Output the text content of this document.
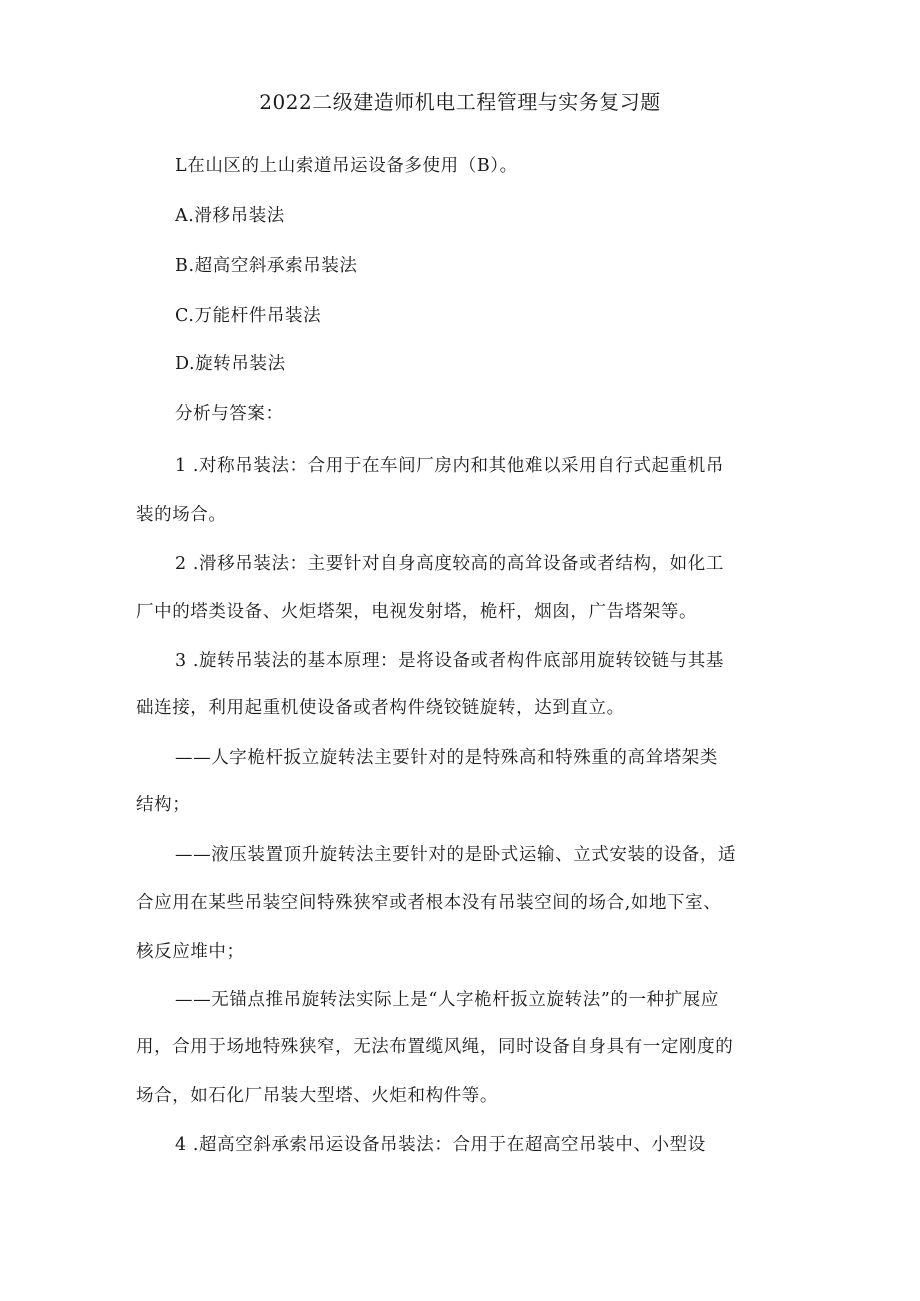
2022二级建造师机电工程管理与实务复习题
L在山区的上山索道吊运设备多使用（B）。
A.滑移吊装法
B.超高空斜承索吊装法
C.万能杆件吊装法
D.旋转吊装法
分析与答案：
1 .对称吊装法：合用于在车间厂房内和其他难以采用自行式起重机吊
装的场合。
2 .滑移吊装法：主要针对自身高度较高的高耸设备或者结构，如化工
厂中的塔类设备、火炬塔架，电视发射塔，桅杆，烟囱，广告塔架等。
3 .旋转吊装法的基本原理：是将设备或者构件底部用旋转铰链与其基
础连接，利用起重机使设备或者构件绕铰链旋转，达到直立。
——人字桅杆扳立旋转法主要针对的是特殊高和特殊重的高耸塔架类
结构；
——液压装置顶升旋转法主要针对的是卧式运输、立式安装的设备，适
合应用在某些吊装空间特殊狭窄或者根本没有吊装空间的场合,如地下室、
核反应堆中；
——无锚点推吊旋转法实际上是“人字桅杆扳立旋转法”的一种扩展应
用，合用于场地特殊狭窄，无法布置缆风绳，同时设备自身具有一定刚度的
场合，如石化厂吊装大型塔、火炬和构件等。
4 .超高空斜承索吊运设备吊装法：合用于在超高空吊装中、小型设
